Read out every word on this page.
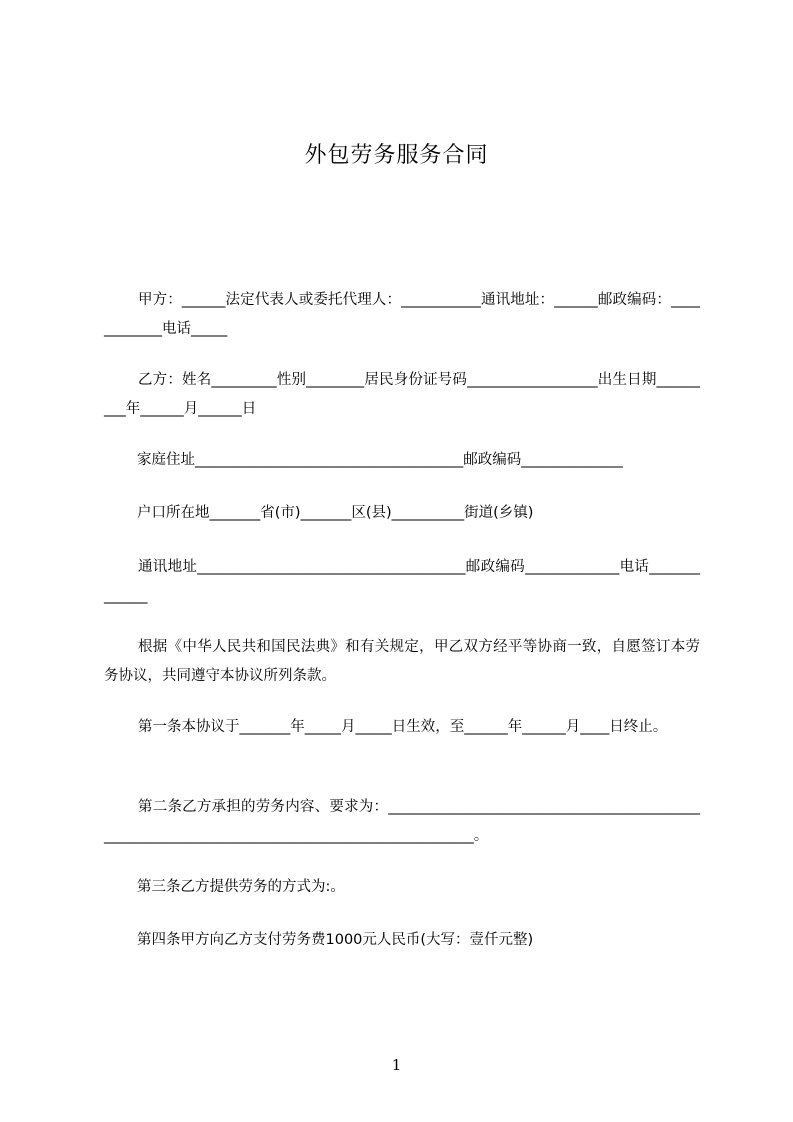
外包劳务服务合同
甲方：______法定代表人或委托代理人：___________通讯地址：______邮政编码：____________电话_____
乙方：姓名_________性别________居民身份证号码__________________出生日期_________年______月______日
家庭住址_____________________________________邮政编码______________
户口所在地_______省(市)_______区(县)__________街道(乡镇)
通讯地址_____________________________________邮政编码_____________电话_____________
根据《中华人民共和国民法典》和有关规定，甲乙双方经平等协商一致，自愿签订本劳务协议，共同遵守本协议所列条款。
第一条本协议于_______年_____月_____日生效，至______年______月____日终止。
第二条乙方承担的劳务内容、要求为：______________________________________________________________________________________________。
第三条乙方提供劳务的方式为:。
第四条甲方向乙方支付劳务费1000元人民币(大写：壹仟元整)
1
